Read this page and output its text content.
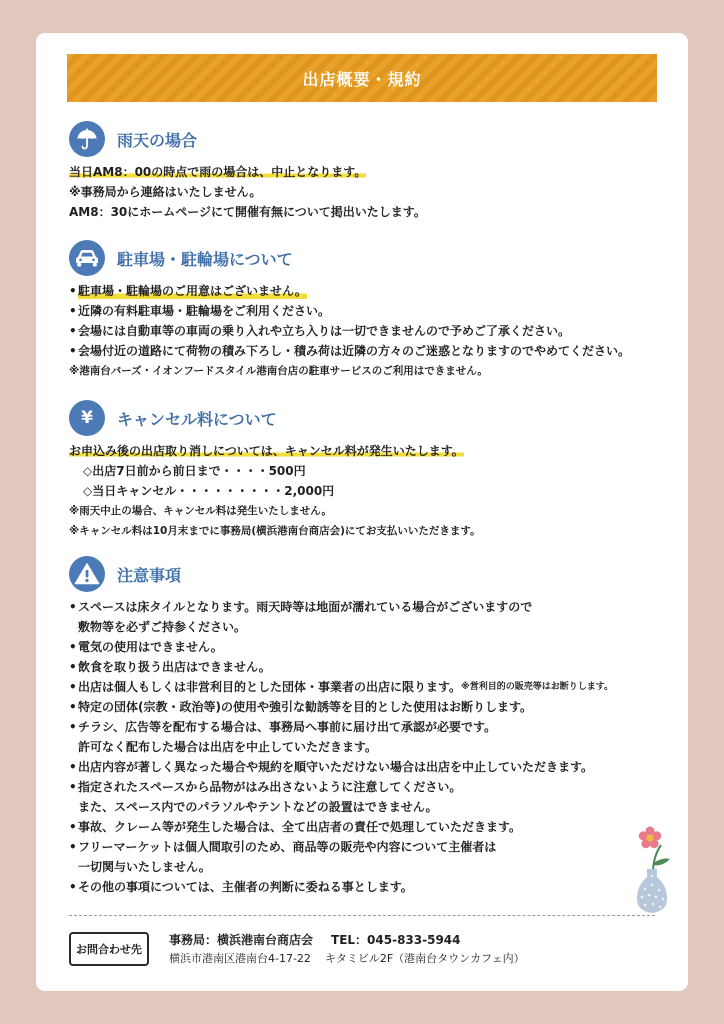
出店概要・規約
雨天の場合
当日AM8：00の時点で雨の場合は、中止となります。
※事務局から連絡はいたしません。
AM8：30にホームページにて開催有無について掲出いたします。
駐車場・駐輪場について
• 駐車場・駐輪場のご用意はございません。
• 近隣の有料駐車場・駐輪場をご利用ください。
• 会場には自動車等の車両の乗り入れや立ち入りは一切できませんので予めご了承ください。
• 会場付近の道路にて荷物の積み下ろし・積み荷は近隣の方々のご迷惑となりますのでやめてください。
※港南台バーズ・イオンフードスタイル港南台店の駐車サービスのご利用はできません。
¥ キャンセル料について
お申込み後の出店取り消しについては、キャンセル料が発生いたします。
◇出店7日前から前日まで・・・・500円
◇当日キャンセル・・・・・・・・・2,000円
※雨天中止の場合、キャンセル料は発生いたしません。
※キャンセル料は10月末までに事務局(横浜港南台商店会)にてお支払いいただきます。
注意事項
• スペースは床タイルとなります。雨天時等は地面が濡れている場合がございますので
敷物等を必ずご持参ください。
• 電気の使用はできません。
• 飲食を取り扱う出店はできません。
• 出店は個人もしくは非営利目的とした団体・事業者の出店に限ります。 ※営利目的の販売等はお断りします。
• 特定の団体(宗教・政治等)の使用や強引な勧誘等を目的とした使用はお断りします。
• チラシ、広告等を配布する場合は、事務局へ事前に届け出て承認が必要です。
許可なく配布した場合は出店を中止していただきます。
• 出店内容が著しく異なった場合や規約を順守いただけない場合は出店を中止していただきます。
• 指定されたスペースから品物がはみ出さないように注意してください。
また、スペース内でのパラソルやテントなどの設置はできません。
• 事故、クレーム等が発生した場合は、全て出店者の責任で処理していただきます。
• フリーマーケットは個人間取引のため、商品等の販売や内容について主催者は
一切関与いたしません。
• その他の事項については、主催者の判断に委ねる事とします。
お問合わせ先
事務局：横浜港南台商店会 TEL：045-833-5944
横浜市港南区港南台4-17-22 キタミビル2F（港南台タウンカフェ内）
